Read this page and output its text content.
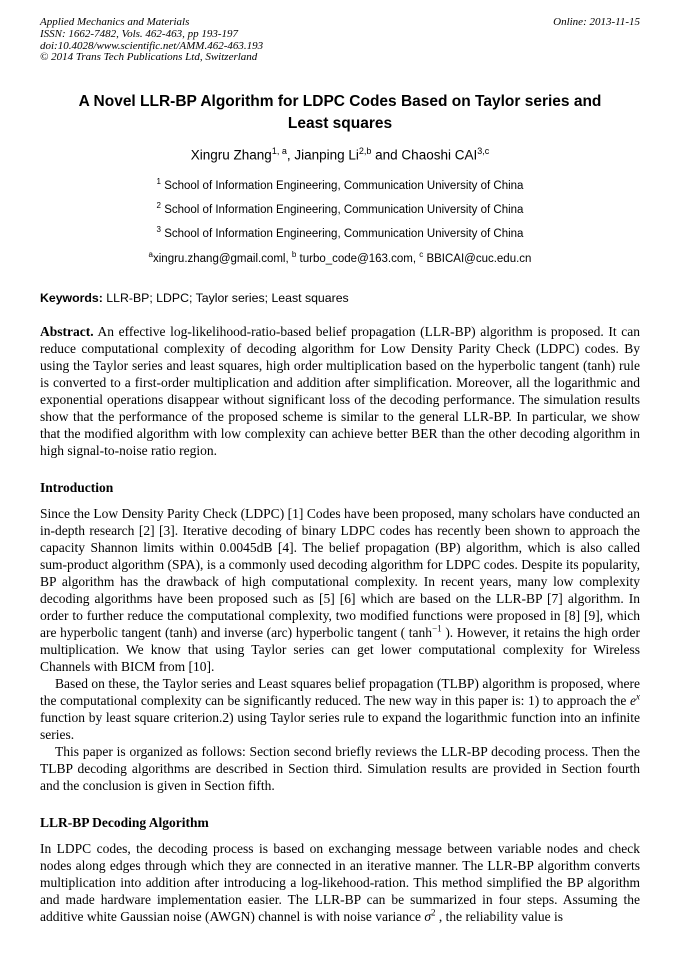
Applied Mechanics and Materials
ISSN: 1662-7482, Vols. 462-463, pp 193-197
doi:10.4028/www.scientific.net/AMM.462-463.193
© 2014 Trans Tech Publications Ltd, Switzerland
Online: 2013-11-15
A Novel LLR-BP Algorithm for LDPC Codes Based on Taylor series and Least squares
Xingru Zhang$^{1, a}$, Jianping Li$^{2,b}$ and Chaoshi CAI$^{3,c}$
$^1$ School of Information Engineering, Communication University of China
$^2$ School of Information Engineering, Communication University of China
$^3$ School of Information Engineering, Communication University of China
$^a$xingru.zhang@gmail.coml, $^b$ turbo_code@163.com, $^c$ BBICAI@cuc.edu.cn
Keywords: LLR-BP; LDPC; Taylor series; Least squares

Abstract. An effective log-likelihood-ratio-based belief propagation (LLR-BP) algorithm is proposed. It can reduce computational complexity of decoding algorithm for Low Density Parity Check (LDPC) codes. By using the Taylor series and least squares, high order multiplication based on the hyperbolic tangent (tanh) rule is converted to a first-order multiplication and addition after simplification. Moreover, all the logarithmic and exponential operations disappear without significant loss of the decoding performance. The simulation results show that the performance of the proposed scheme is similar to the general LLR-BP. In particular, we show that the modified algorithm with low complexity can achieve better BER than the other decoding algorithm in high signal-to-noise ratio region.

Introduction

Since the Low Density Parity Check (LDPC) [1] Codes have been proposed, many scholars have conducted an in-depth research [2] [3]. Iterative decoding of binary LDPC codes has recently been shown to approach the capacity Shannon limits within 0.0045dB [4]. The belief propagation (BP) algorithm, which is also called sum-product algorithm (SPA), is a commonly used decoding algorithm for LDPC codes. Despite its popularity, BP algorithm has the drawback of high computational complexity. In recent years, many low complexity decoding algorithms have been proposed such as [5] [6] which are based on the LLR-BP [7] algorithm. In order to further reduce the computational complexity, two modified functions were proposed in [8] [9], which are hyperbolic tangent (tanh) and inverse (arc) hyperbolic tangent ( $\tanh^{-1}$ ). However, it retains the high order multiplication. We know that using Taylor series can get lower computational complexity for Wireless Channels with BICM from [10].

Based on these, the Taylor series and Least squares belief propagation (TLBP) algorithm is proposed, where the computational complexity can be significantly reduced. The new way in this paper is: 1) to approach the $e^x$ function by least square criterion.2) using Taylor series rule to expand the logarithmic function into an infinite series.

This paper is organized as follows: Section second briefly reviews the LLR-BP decoding process. Then the TLBP decoding algorithms are described in Section third. Simulation results are provided in Section fourth and the conclusion is given in Section fifth.

LLR-BP Decoding Algorithm

In LDPC codes, the decoding process is based on exchanging message between variable nodes and check nodes along edges through which they are connected in an iterative manner. The LLR-BP algorithm converts multiplication into addition after introducing a log-likehood-ration. This method simplified the BP algorithm and made hardware implementation easier. The LLR-BP can be summarized in four steps. Assuming the additive white Gaussian noise (AWGN) channel is with noise variance $\sigma^2$ , the reliability value is
